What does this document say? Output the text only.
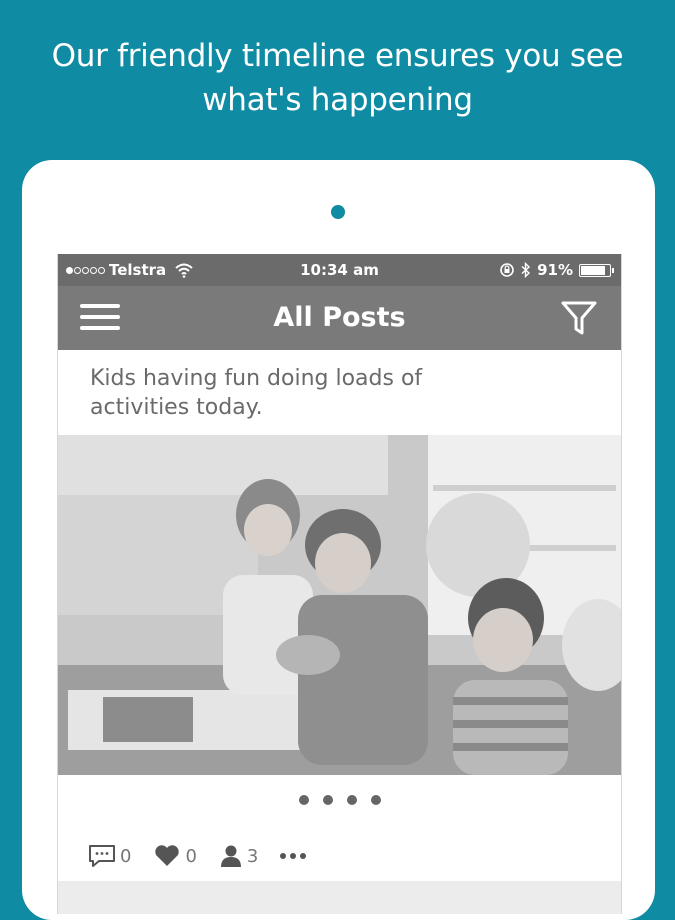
Our friendly timeline ensures you see
what's happening
Telstra	10:34 am	91%
All Posts
Kids having fun doing loads of
activities today.
0	0	3
